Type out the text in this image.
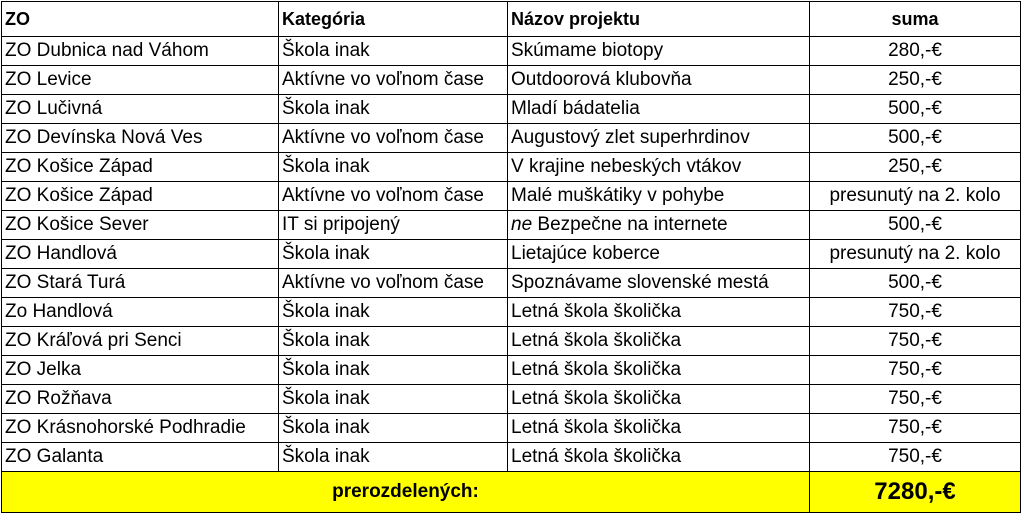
ZO	Kategória	Názov projektu	suma
ZO Dubnica nad Váhom	Škola inak	Skúmame biotopy	280,-€
ZO Levice	Aktívne vo voľnom čase	Outdoorová klubovňa	250,-€
ZO Lučivná	Škola inak	Mladí bádatelia	500,-€
ZO Devínska Nová Ves	Aktívne vo voľnom čase	Augustový zlet superhrdinov	500,-€
ZO Košice Západ	Škola inak	V krajine nebeských vtákov	250,-€
ZO Košice Západ	Aktívne vo voľnom čase	Malé muškátiky v pohybe	presunutý na 2. kolo
ZO Košice Sever	IT si pripojený	ne Bezpečne na internete	500,-€
ZO Handlová	Škola inak	Lietajúce koberce	presunutý na 2. kolo
ZO Stará Turá	Aktívne vo voľnom čase	Spoznávame slovenské mestá	500,-€
Zo Handlová	Škola inak	Letná škola školička	750,-€
ZO Kráľová pri Senci	Škola inak	Letná škola školička	750,-€
ZO Jelka	Škola inak	Letná škola školička	750,-€
ZO Rožňava	Škola inak	Letná škola školička	750,-€
ZO Krásnohorské Podhradie	Škola inak	Letná škola školička	750,-€
ZO Galanta	Škola inak	Letná škola školička	750,-€
prerozdelených:			7280,-€
